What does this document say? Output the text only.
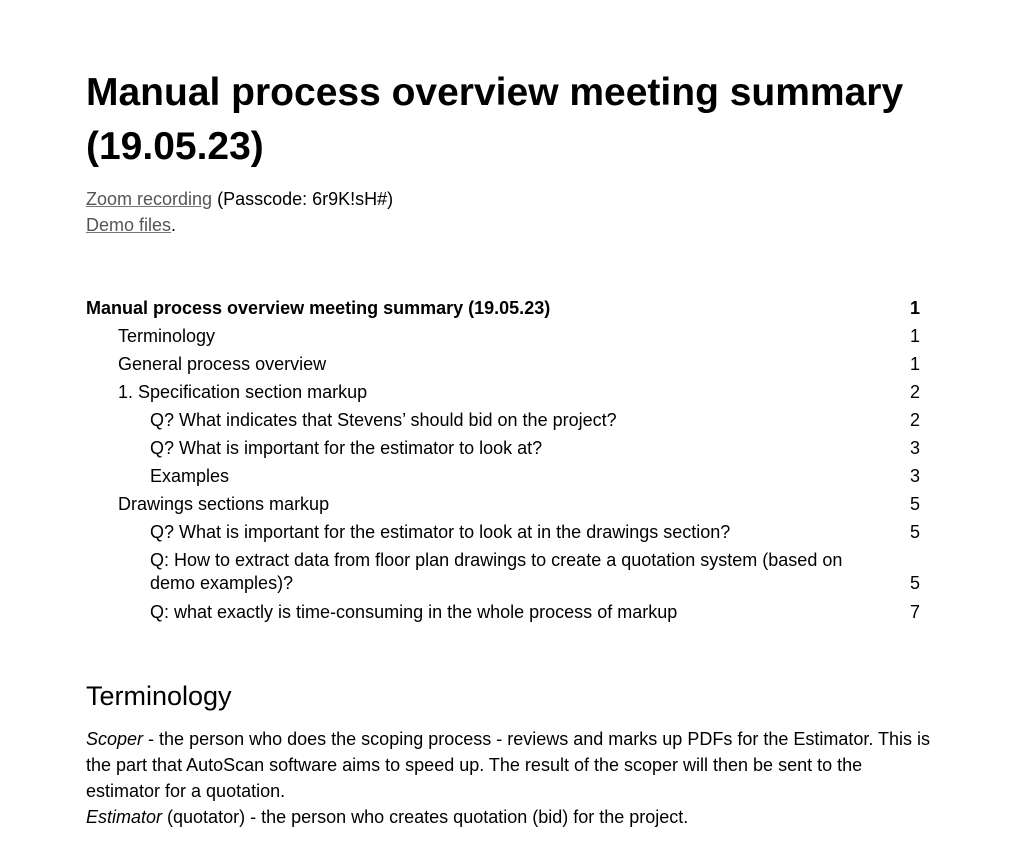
Manual process overview meeting summary (19.05.23)
Zoom recording (Passcode: 6r9K!sH#)
Demo files.
Manual process overview meeting summary (19.05.23)	1
Terminology	1
General process overview	1
1. Specification section markup	2
Q? What indicates that Stevens’ should bid on the project?	2
Q? What is important for the estimator to look at?	3
Examples	3
Drawings sections markup	5
Q? What is important for the estimator to look at in the drawings section?	5
Q: How to extract data from floor plan drawings to create a quotation system (based on demo examples)?	5
Q: what exactly is time-consuming in the whole process of markup	7
Terminology

Scoper - the person who does the scoping process - reviews and marks up PDFs for the Estimator. This is the part that AutoScan software aims to speed up. The result of the scoper will then be sent to the estimator for a quotation.
Estimator (quotator) - the person who creates quotation (bid) for the project.
